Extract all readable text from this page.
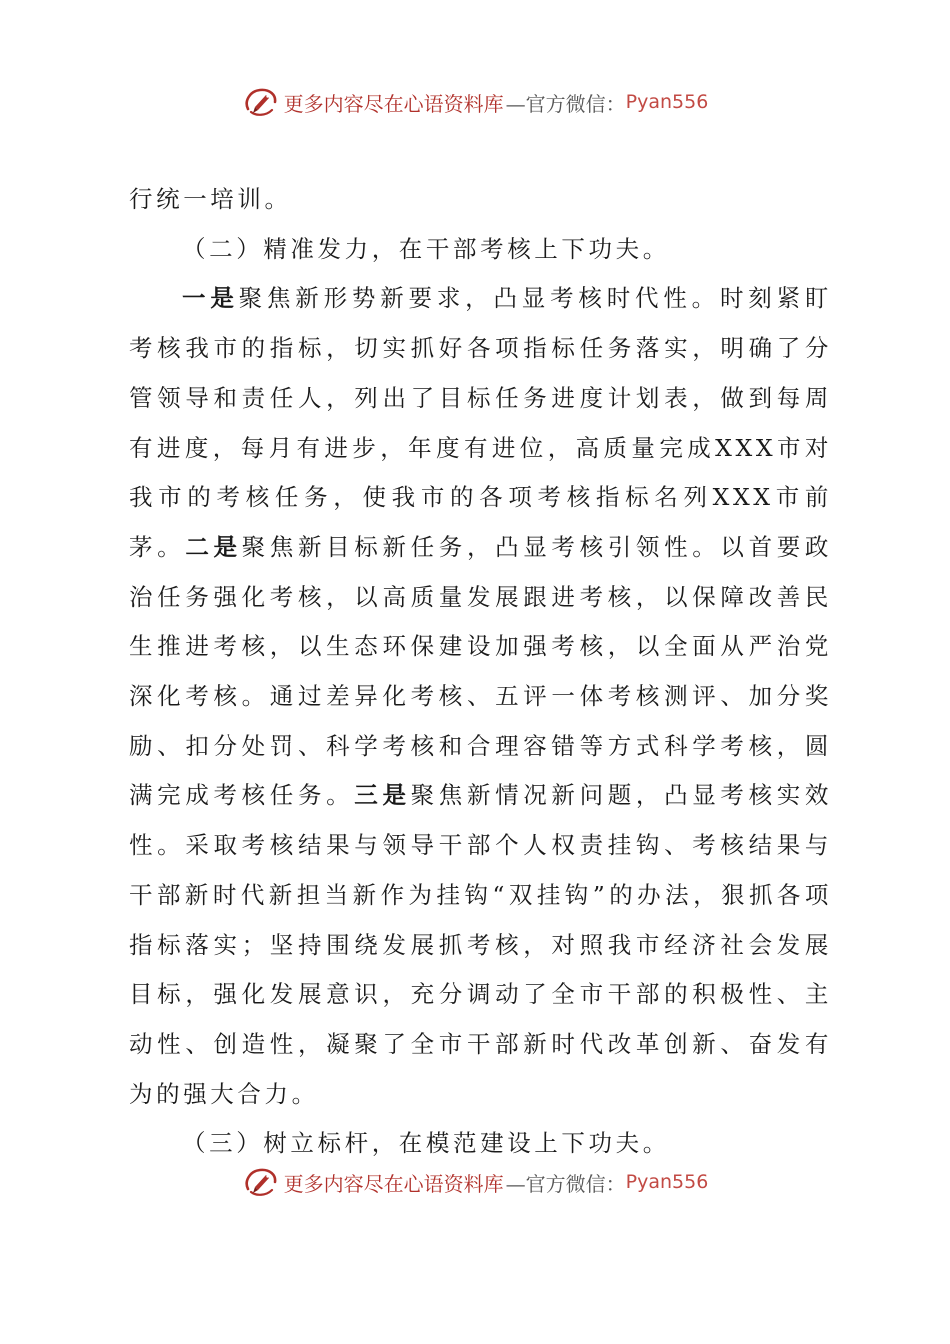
更多内容尽在心语资料库 —官方微信： Pyan556

行统一培训。

（二）精准发力，在干部考核上下功夫。

一是聚焦新形势新要求，凸显考核时代性。时刻紧盯考核我市的指标，切实抓好各项指标任务落实，明确了分管领导和责任人，列出了目标任务进度计划表，做到每周有进度，每月有进步，年度有进位，高质量完成XXX市对我市的考核任务，使我市的各项考核指标名列XXX市前茅。二是聚焦新目标新任务，凸显考核引领性。以首要政治任务强化考核，以高质量发展跟进考核，以保障改善民生推进考核，以生态环保建设加强考核，以全面从严治党深化考核。通过差异化考核、五评一体考核测评、加分奖励、扣分处罚、科学考核和合理容错等方式科学考核，圆满完成考核任务。三是聚焦新情况新问题，凸显考核实效性。采取考核结果与领导干部个人权责挂钩、考核结果与干部新时代新担当新作为挂钩“双挂钩”的办法，狠抓各项指标落实；坚持围绕发展抓考核，对照我市经济社会发展目标，强化发展意识，充分调动了全市干部的积极性、主动性、创造性，凝聚了全市干部新时代改革创新、奋发有为的强大合力。

（三）树立标杆，在模范建设上下功夫。

更多内容尽在心语资料库 —官方微信： Pyan556
